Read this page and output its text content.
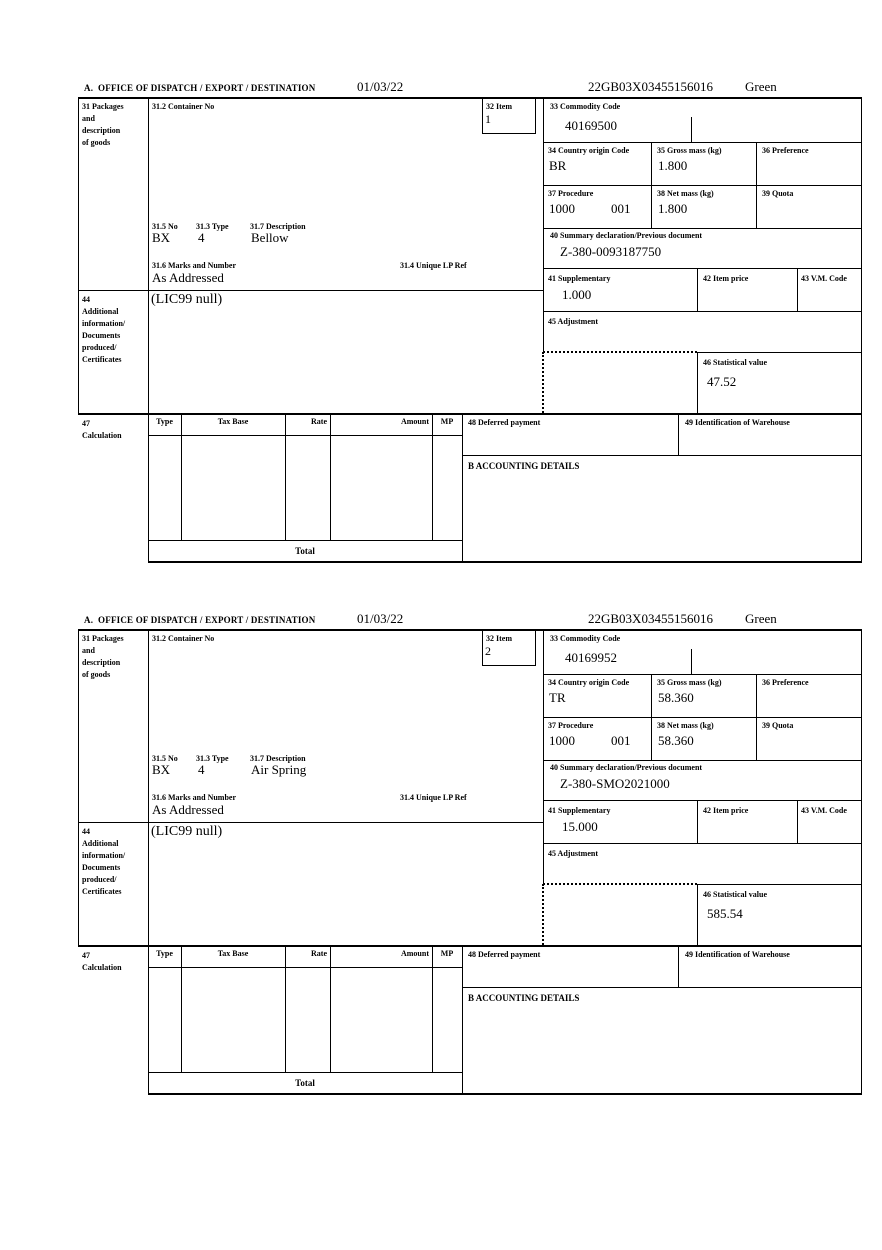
A.  OFFICE OF DISPATCH / EXPORT / DESTINATION	01/03/22	22GB03X03455156016 Green
31 Packages
and
description
of goods
31.2 Container No	32 Item
1
33 Commodity Code
40169500
34 Country origin Code
BR
35 Gross mass (kg)
1.800
36 Preference
37 Procedure
1000	001
38 Net mass (kg)
1.800
39 Quota
40 Summary declaration/Previous document
Z-380-0093187750
41 Supplementary
1.000
42 Item price	43 V.M. Code
45 Adjustment
46 Statistical value
47.52
31.5 No 31.3 Type	31.7 Description
BX 4	Bellow
31.6 Marks and Number
As Addressed
31.4 Unique LP Ref
44
Additional
information/
Documents
produced/
Certificates
(LIC99 null)
47
Calculation
Type	Tax Base	Rate	Amount	MP	48 Deferred payment	49 Identification of Warehouse
B ACCOUNTING DETAILS
Total
A.  OFFICE OF DISPATCH / EXPORT / DESTINATION	01/03/22	22GB03X03455156016 Green
31 Packages
and
description
of goods
31.2 Container No	32 Item
2
33 Commodity Code
40169952
34 Country origin Code
TR
35 Gross mass (kg)
58.360
36 Preference
37 Procedure
1000	001
38 Net mass (kg)
58.360
39 Quota
40 Summary declaration/Previous document
Z-380-SMO2021000
41 Supplementary
15.000
42 Item price	43 V.M. Code
45 Adjustment
46 Statistical value
585.54
31.5 No 31.3 Type	31.7 Description
BX 4	Air Spring
31.6 Marks and Number
As Addressed
31.4 Unique LP Ref
44
Additional
information/
Documents
produced/
Certificates
(LIC99 null)
47
Calculation
Type	Tax Base	Rate	Amount	MP	48 Deferred payment	49 Identification of Warehouse
B ACCOUNTING DETAILS
Total
